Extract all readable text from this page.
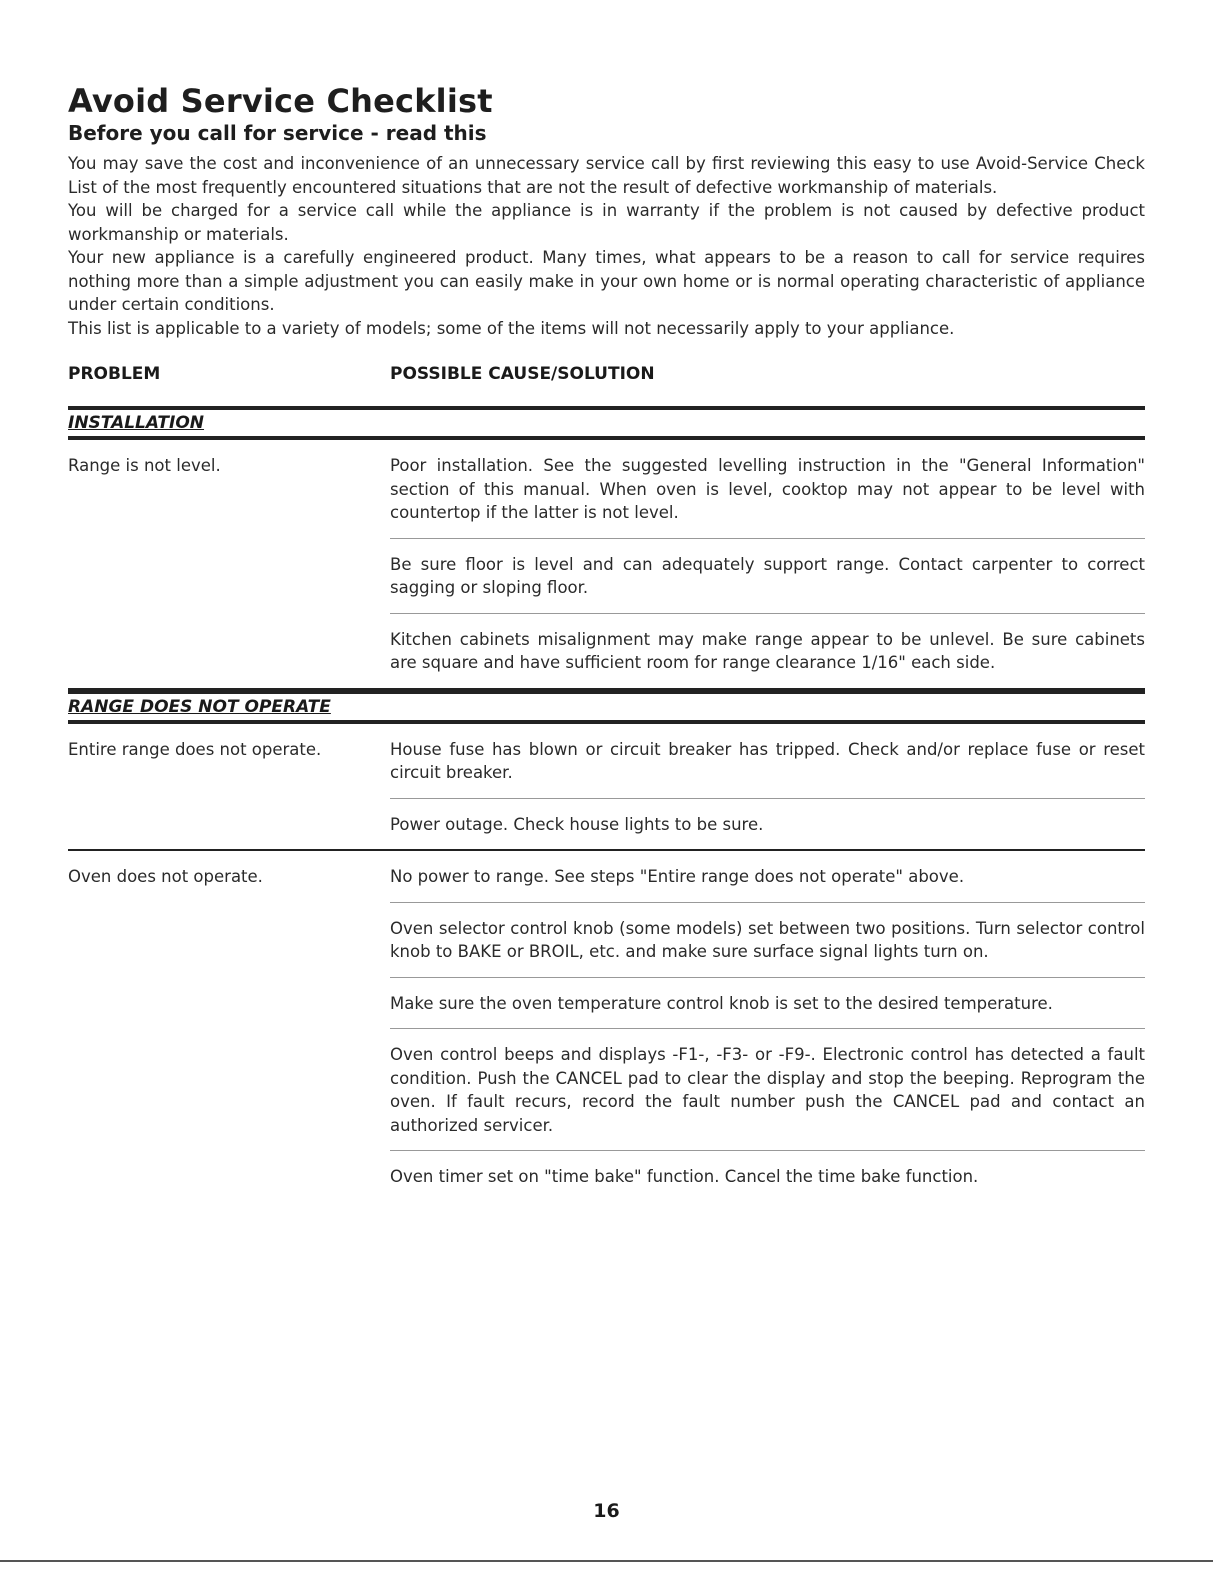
Avoid Service Checklist
Before you call for service - read this

You may save the cost and inconvenience of an unnecessary service call by first reviewing this easy to use Avoid-Service Check List of the most frequently encountered situations that are not the result of defective workmanship of materials.

You will be charged for a service call while the appliance is in warranty if the problem is not caused by defective product workmanship or materials.

Your new appliance is a carefully engineered product. Many times, what appears to be a reason to call for service requires nothing more than a simple adjustment you can easily make in your own home or is normal operating characteristic of appliance under certain conditions.

This list is applicable to a variety of models; some of the items will not necessarily apply to your appliance.

PROBLEM	POSSIBLE CAUSE/SOLUTION
INSTALLATION
Range is not level.	Poor installation. See the suggested levelling instruction in the "General Information" section of this manual. When oven is level, cooktop may not appear to be level with countertop if the latter is not level.
Be sure floor is level and can adequately support range. Contact carpenter to correct sagging or sloping floor.
Kitchen cabinets misalignment may make range appear to be unlevel. Be sure cabinets are square and have sufficient room for range clearance 1/16" each side.
RANGE DOES NOT OPERATE
Entire range does not operate.	House fuse has blown or circuit breaker has tripped. Check and/or replace fuse or reset circuit breaker.
Power outage. Check house lights to be sure.
Oven does not operate.	No power to range. See steps "Entire range does not operate" above.
Oven selector control knob (some models) set between two positions. Turn selector control knob to BAKE or BROIL, etc. and make sure surface signal lights turn on.
Make sure the oven temperature control knob is set to the desired temperature.
Oven control beeps and displays -F1-, -F3- or -F9-. Electronic control has detected a fault condition. Push the CANCEL pad to clear the display and stop the beeping. Reprogram the oven. If fault recurs, record the fault number push the CANCEL pad and contact an authorized servicer.
Oven timer set on "time bake" function. Cancel the time bake function.
16
